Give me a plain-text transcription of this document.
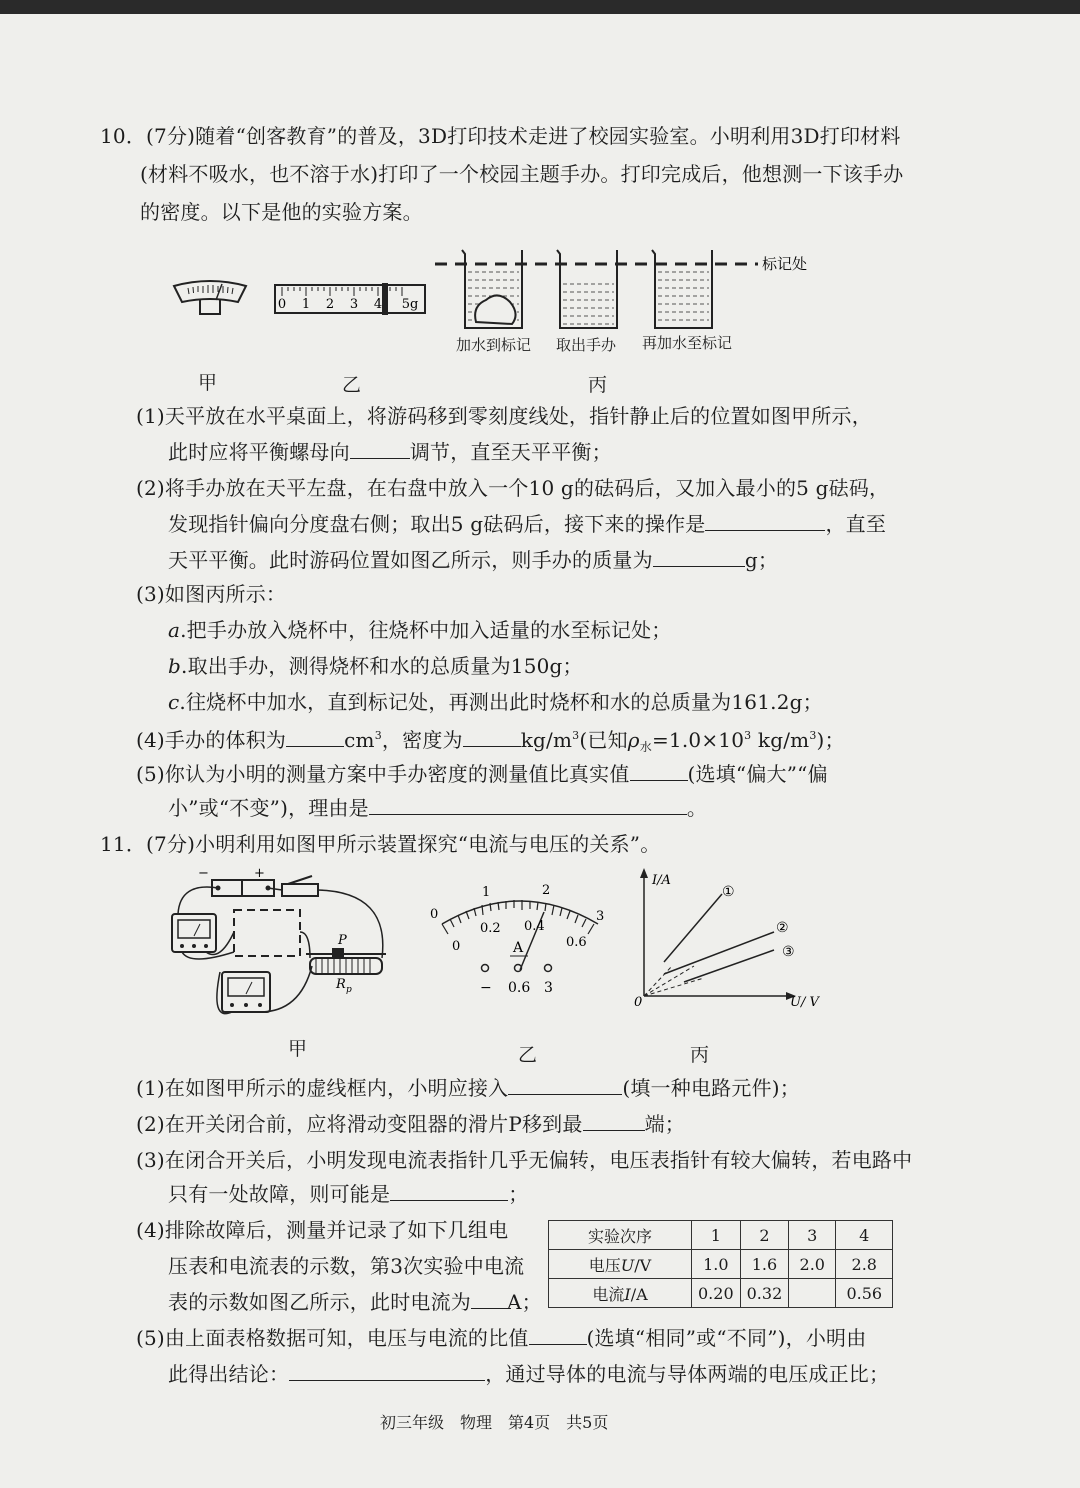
10．(7分)随着“创客教育”的普及，3D打印技术走进了校园实验室。小明利用3D打印材料
(材料不吸水，也不溶于水)打印了一个校园主题手办。打印完成后，他想测一下该手办
的密度。以下是他的实验方案。
0 1 2 3 4 5g
标记处
加水到标记 取出手办 再加水至标记
甲	乙	丙
(1)天平放在水平桌面上，将游码移到零刻度线处，指针静止后的位置如图甲所示，
此时应将平衡螺母向	调节，直至天平平衡；
(2)将手办放在天平左盘，在右盘中放入一个10 g的砝码后，又加入最小的5 g砝码，
发现指针偏向分度盘右侧；取出5 g砝码后，接下来的操作是	，直至
天平平衡。此时游码位置如图乙所示，则手办的质量为	g；
(3)如图丙所示：
a.把手办放入烧杯中，往烧杯中加入适量的水至标记处；
b.取出手办，测得烧杯和水的总质量为150g；
c.往烧杯中加水，直到标记处，再测出此时烧杯和水的总质量为161.2g；
(4)手办的体积为	$cm^3$，密度为	$kg/m^3$(已知$\rho_水=1.0\times 10^3$ $kg/m^3$)；
(5)你认为小明的测量方案中手办密度的测量值比真实值	(选填“偏大”“偏
小”或“不变”)，理由是	。
11．(7分)小明利用如图甲所示装置探究“电流与电压的关系”。
−	+
P
R p
甲
0
1	2
3
0
0.2 0.4
0.6
A
− 0.6 3
乙
I/A
U/ V
0
①
②
③
丙
(1)在如图甲所示的虚线框内，小明应接入	(填一种电路元件)；
(2)在开关闭合前，应将滑动变阻器的滑片P移到最	端；
(3)在闭合开关后，小明发现电流表指针几乎无偏转，电压表指针有较大偏转，若电路中
只有一处故障，则可能是	；
(4)排除故障后，测量并记录了如下几组电
压表和电流表的示数，第3次实验中电流
表的示数如图乙所示，此时电流为 A；
实验次序	1	2	3	4
电压U/V	1.0	1.6	2.0	2.8
电流I/A	0.20	0.32		0.56
(5)由上面表格数据可知，电压与电流的比值	(选填“相同”或“不同”)，小明由
此得出结论：	，通过导体的电流与导体两端的电压成正比；
初三年级　物理　第4页　共5页
